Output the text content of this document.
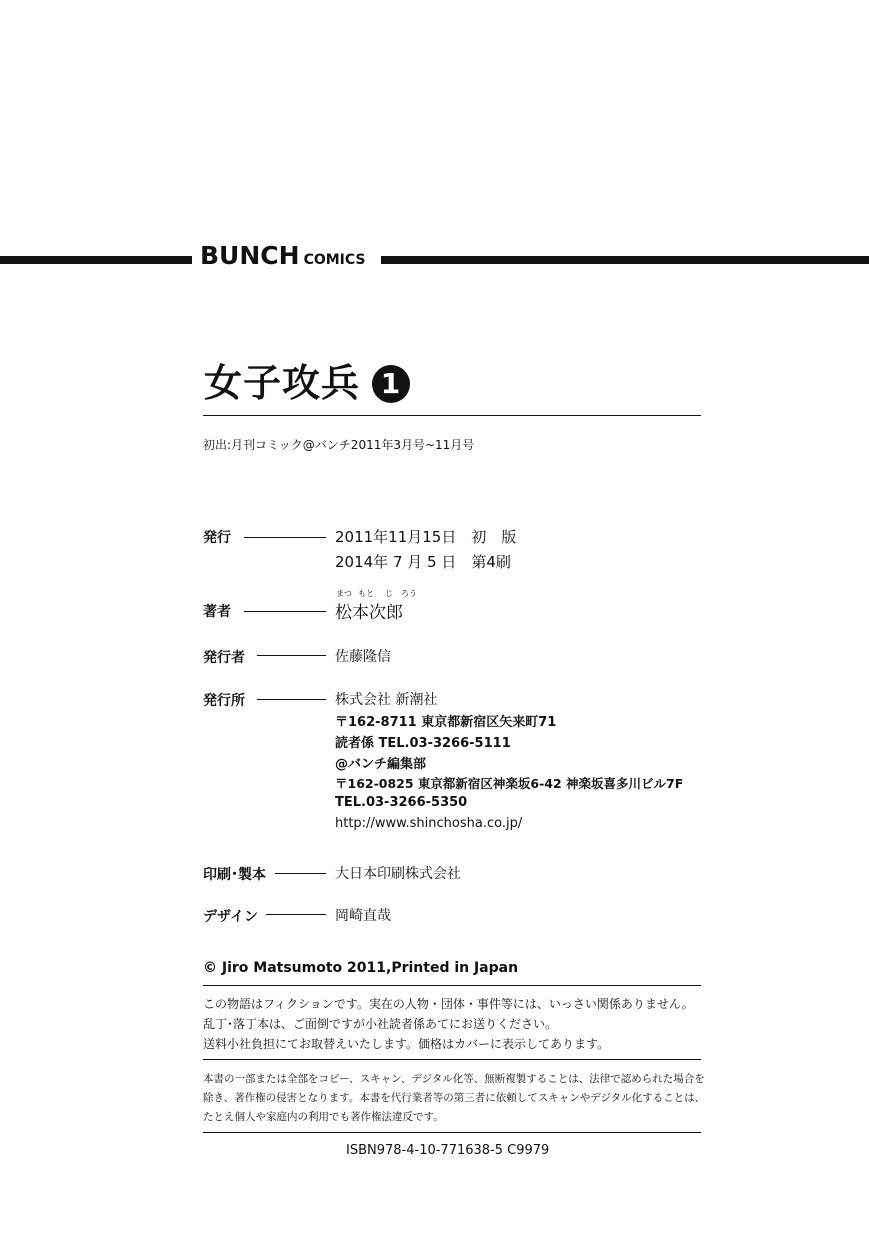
BUNCH COMICS
女子攻兵 1
初出:月刊コミック@バンチ2011年3月号~11月号
発行	2011年11月15日　初　版
2014年 7 月 5 日　第4刷
まつ もと じ ろう
著者	松本次郎
発行者	佐藤隆信
発行所	株式会社 新潮社
〒162-8711 東京都新宿区矢来町71
読者係 TEL.03-3266-5111
@バンチ編集部
〒162-0825 東京都新宿区神楽坂6-42 神楽坂喜多川ビル7F
TEL.03-3266-5350
http://www.shinchosha.co.jp/
印刷･製本	大日本印刷株式会社
デザイン	岡崎直哉
© Jiro Matsumoto 2011,Printed in Japan
この物語はフィクションです。実在の人物・団体・事件等には、いっさい関係ありません。
乱丁･落丁本は、ご面倒ですが小社読者係あてにお送りください。
送料小社負担にてお取替えいたします。価格はカバーに表示してあります。
本書の一部または全部をコピー、スキャン、デジタル化等、無断複製することは、法律で認められた場合を
除き、著作権の侵害となります。本書を代行業者等の第三者に依頼してスキャンやデジタル化することは、
たとえ個人や家庭内の利用でも著作権法違反です。
ISBN978-4-10-771638-5 C9979
